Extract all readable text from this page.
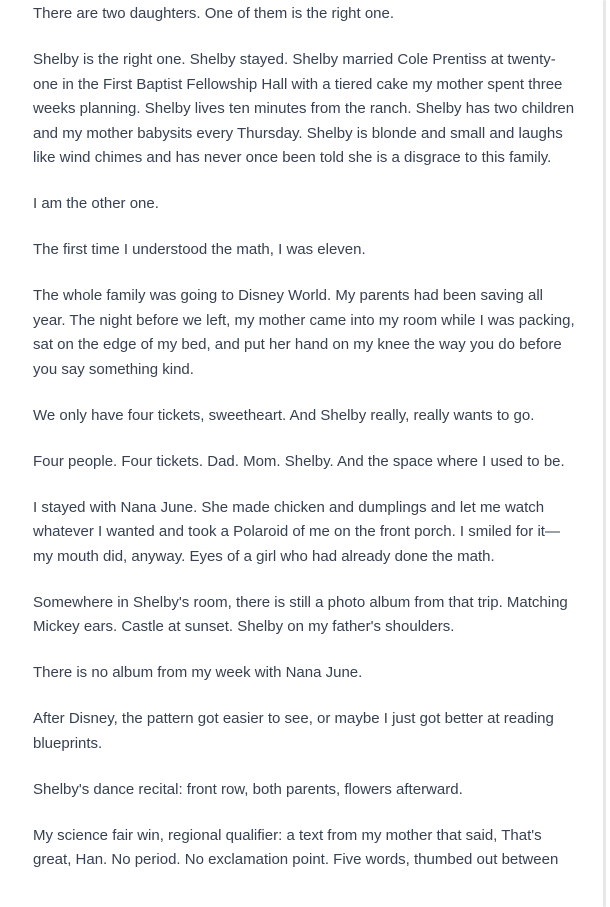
There are two daughters. One of them is the right one.

Shelby is the right one. Shelby stayed. Shelby married Cole Prentiss at twenty-one in the First Baptist Fellowship Hall with a tiered cake my mother spent three weeks planning. Shelby lives ten minutes from the ranch. Shelby has two children and my mother babysits every Thursday. Shelby is blonde and small and laughs like wind chimes and has never once been told she is a disgrace to this family.

I am the other one.

The first time I understood the math, I was eleven.

The whole family was going to Disney World. My parents had been saving all year. The night before we left, my mother came into my room while I was packing, sat on the edge of my bed, and put her hand on my knee the way you do before you say something kind.

We only have four tickets, sweetheart. And Shelby really, really wants to go.

Four people. Four tickets. Dad. Mom. Shelby. And the space where I used to be.

I stayed with Nana June. She made chicken and dumplings and let me watch whatever I wanted and took a Polaroid of me on the front porch. I smiled for it—my mouth did, anyway. Eyes of a girl who had already done the math.

Somewhere in Shelby's room, there is still a photo album from that trip. Matching Mickey ears. Castle at sunset. Shelby on my father's shoulders.

There is no album from my week with Nana June.

After Disney, the pattern got easier to see, or maybe I just got better at reading blueprints.

Shelby's dance recital: front row, both parents, flowers afterward.

My science fair win, regional qualifier: a text from my mother that said, That's great, Han. No period. No exclamation point. Five words, thumbed out between
